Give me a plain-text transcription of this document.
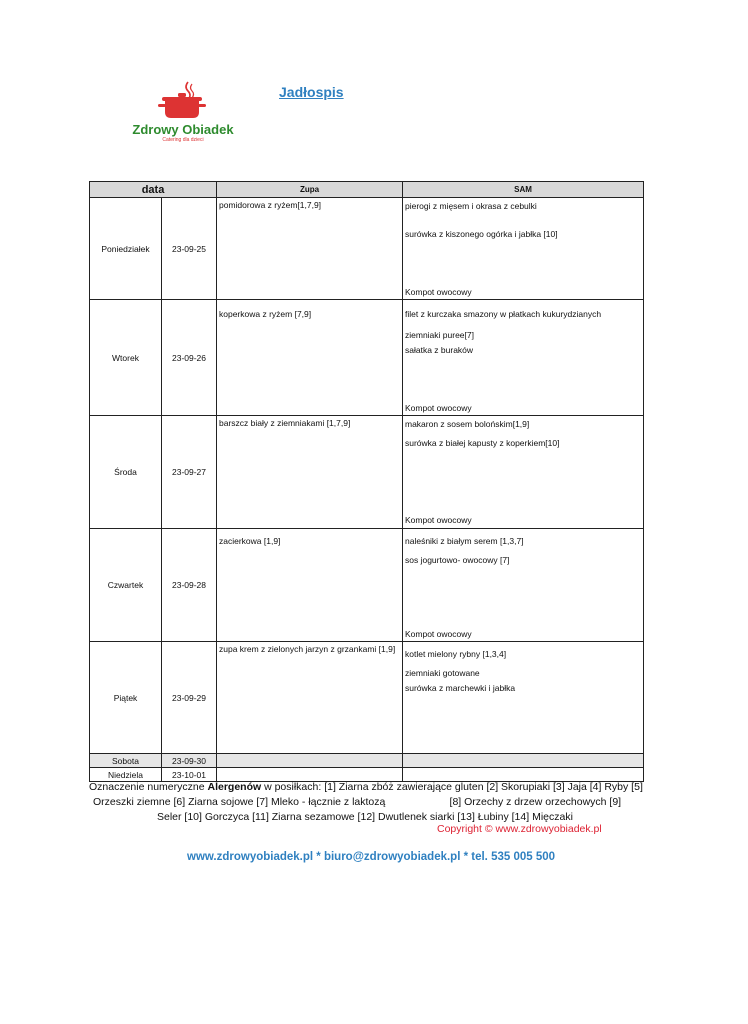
Zdrowy Obiadek
Catering dla dzieci
Jadłospis
data		Zupa	SAM
Poniedziałek	23-09-25	pomidorowa z ryżem[1,7,9]	pierogi z mięsem i okrasa z cebulki
surówka z kiszonego ogórka i jabłka [10]
Kompot owocowy

Wtorek	23-09-26	koperkowa z ryżem [7,9]	filet z kurczaka smazony w płatkach kukurydzianych
ziemniaki puree[7]
sałatka z buraków
Kompot owocowy

Środa	23-09-27	barszcz biały z ziemniakami [1,7,9]	makaron z sosem bolońskim[1,9]
surówka z białej kapusty z koperkiem[10]
Kompot owocowy

Czwartek	23-09-28	zacierkowa [1,9]	naleśniki z białym serem [1,3,7]
sos jogurtowo- owocowy [7]
Kompot owocowy

Piątek	23-09-29	zupa krem z zielonych jarzyn z grzankami [1,9]	kotlet mielony rybny [1,3,4]
ziemniaki gotowane
surówka z marchewki i jabłka

Sobota	23-09-30		
Niedziela	23-10-01		

Oznaczenie numeryczne Alergenów w posiłkach: [1] Ziarna zbóż zawierające gluten [2] Skorupiaki [3] Jaja [4] Ryby [5]

Orzeszki ziemne [6] Ziarna sojowe [7] Mleko - łącznie z laktozą                      [8] Orzechy z drzew orzechowych [9]

Seler [10] Gorczyca [11] Ziarna sezamowe [12] Dwutlenek siarki [13] Łubiny [14] Mięczaki

Copyright © www.zdrowyobiadek.pl
www.zdrowyobiadek.pl * biuro@zdrowyobiadek.pl * tel. 535 005 500
